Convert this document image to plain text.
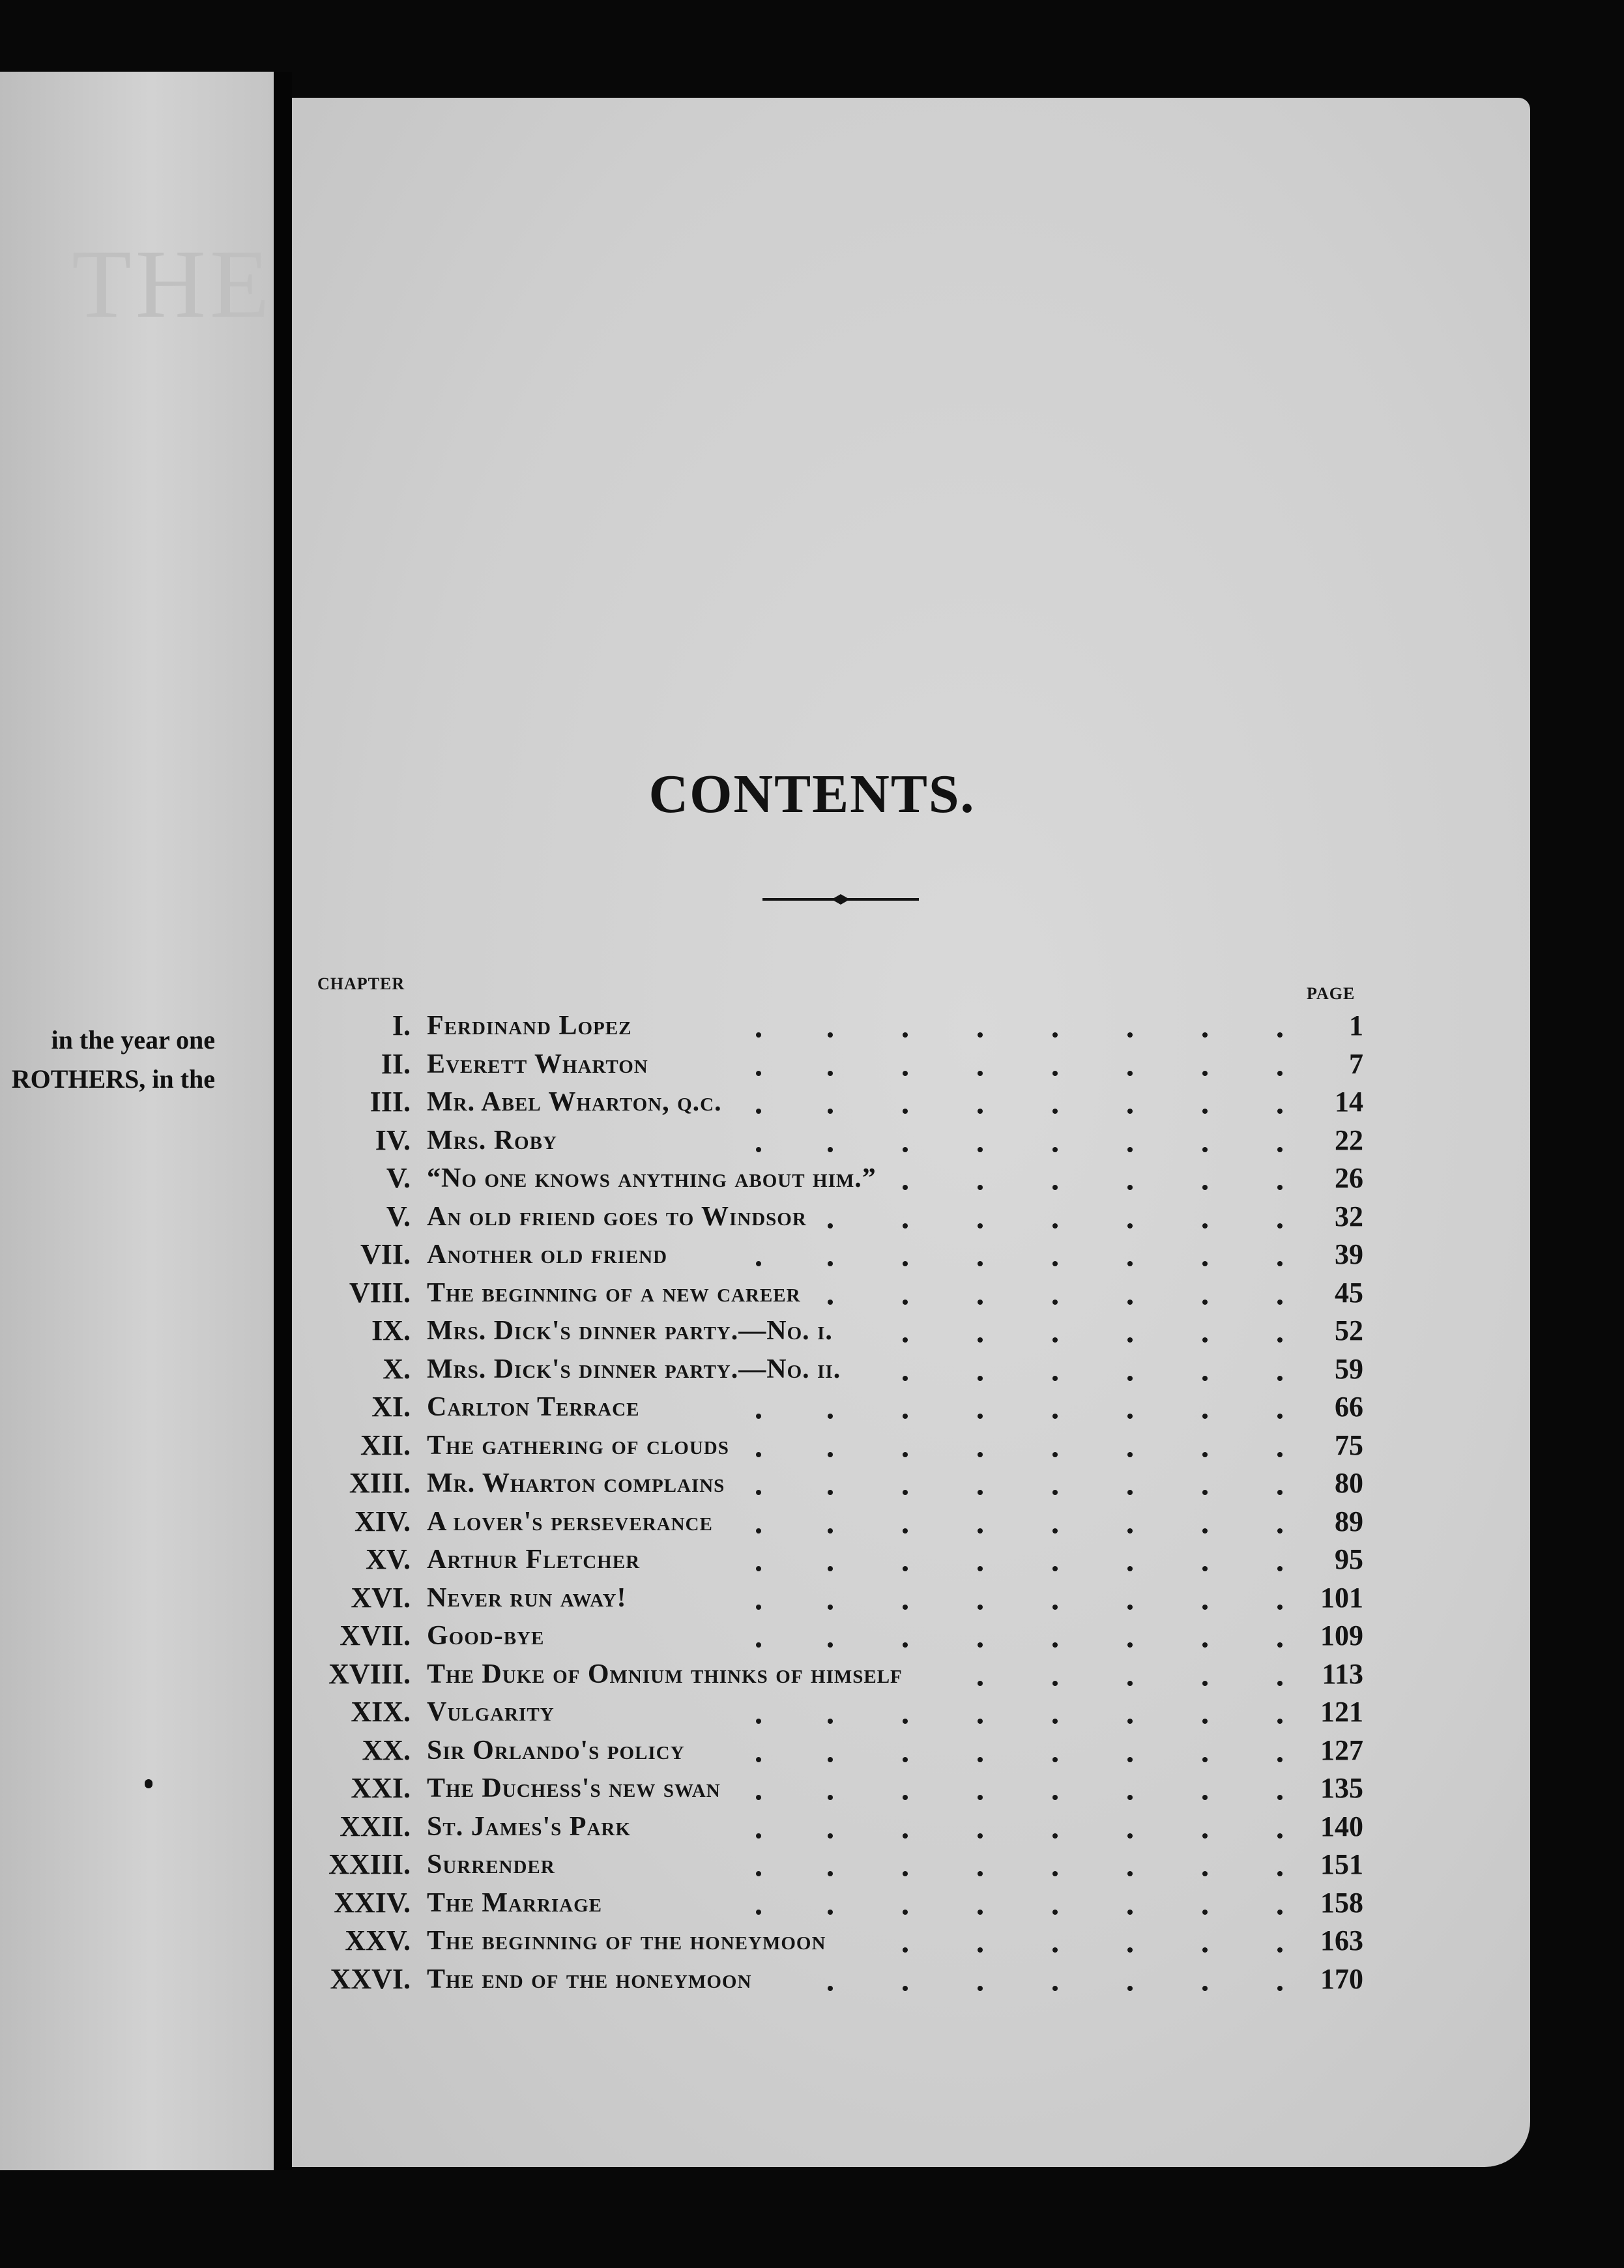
THE
in the year one
ROTHERS, in the
CONTENTS.
CHAPTER
PAGE
I. Ferdinand Lopez	1
II. Everett Wharton	7
III. Mr. Abel Wharton, q.c.	14
IV. Mrs. Roby	22
V. “No one knows anything about him.”	26
V. An old friend goes to Windsor	32
VII. Another old friend	39
VIII. The beginning of a new career	45
IX. Mrs. Dick's dinner party.—No. i.	52
X. Mrs. Dick's dinner party.—No. ii.	59
XI. Carlton Terrace	66
XII. The gathering of clouds	75
XIII. Mr. Wharton complains	80
XIV. A lover's perseverance	89
XV. Arthur Fletcher	95
XVI. Never run away!	101
XVII. Good-bye	109
XVIII. The Duke of Omnium thinks of himself	113
XIX. Vulgarity	121
XX. Sir Orlando's policy	127
XXI. The Duchess's new swan	135
XXII. St. James's Park	140
XXIII. Surrender	151
XXIV. The Marriage	158
XXV. The beginning of the honeymoon	163
XXVI. The end of the honeymoon	170
